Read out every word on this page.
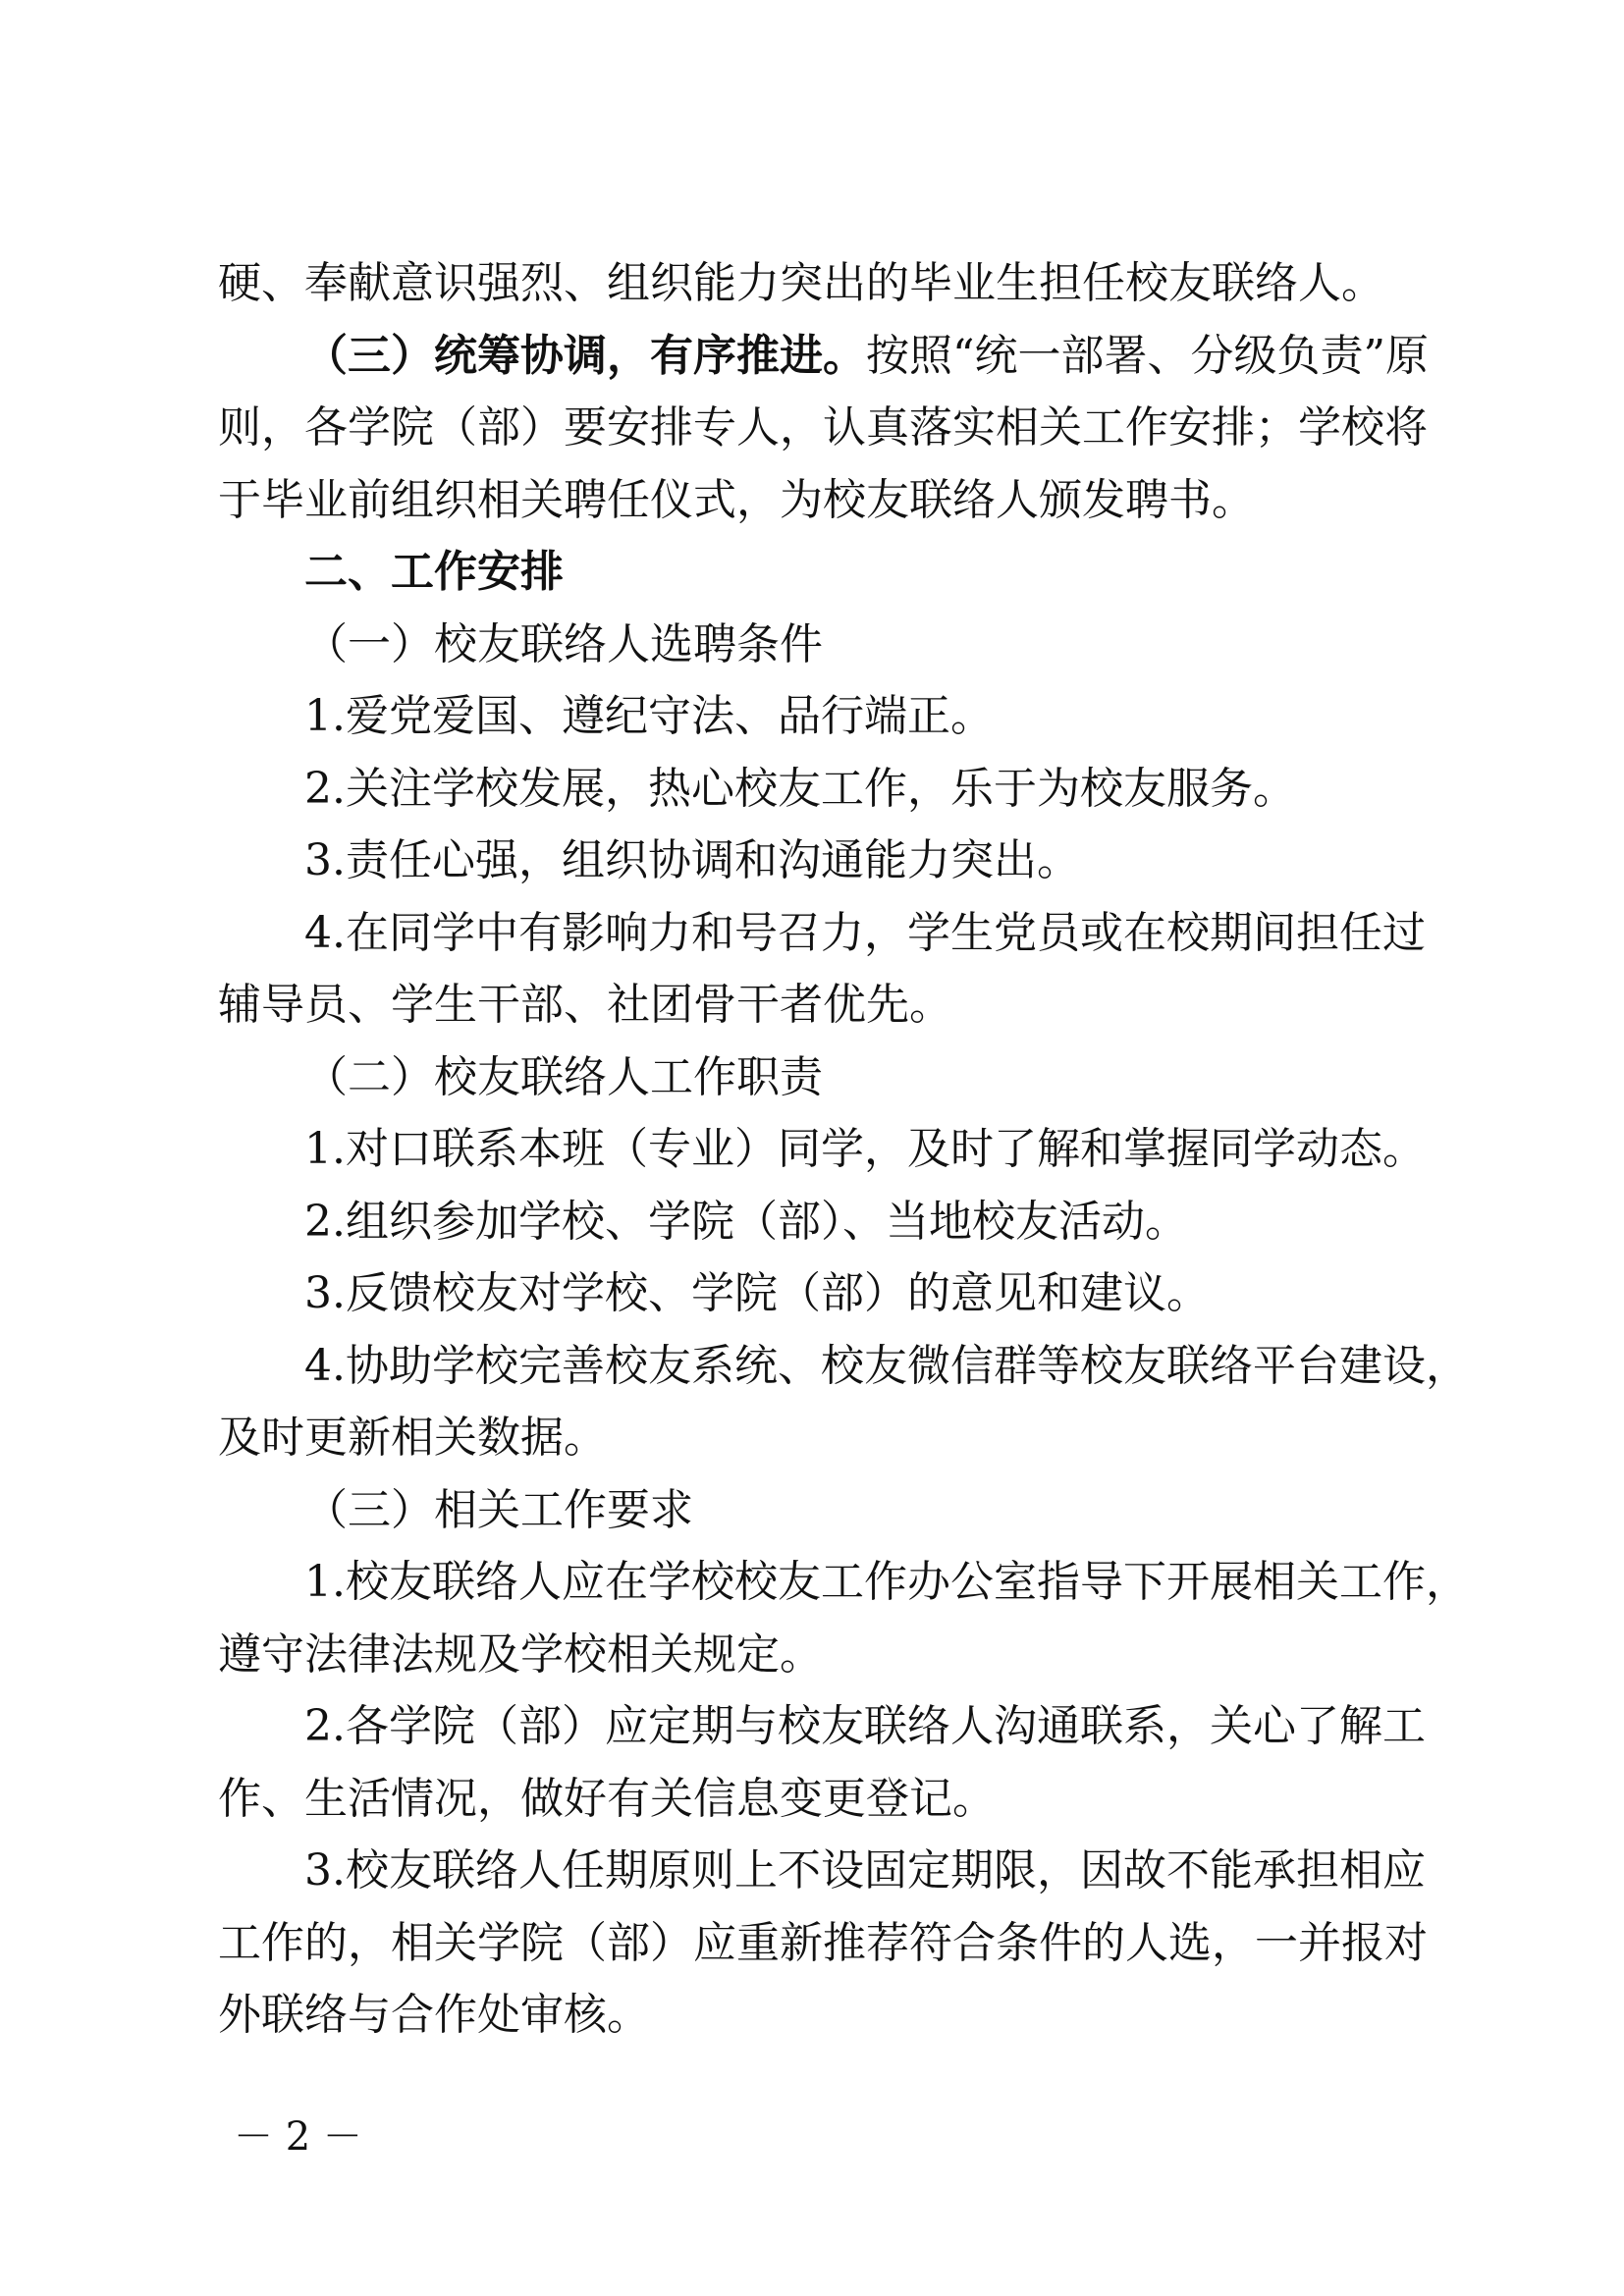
硬、奉献意识强烈、组织能力突出的毕业生担任校友联络人。
（三）统筹协调，有序推进。按照“统一部署、分级负责”原
则，各学院（部）要安排专人，认真落实相关工作安排；学校将
于毕业前组织相关聘任仪式，为校友联络人颁发聘书。
二、工作安排
（一）校友联络人选聘条件
1.爱党爱国、遵纪守法、品行端正。
2.关注学校发展，热心校友工作，乐于为校友服务。
3.责任心强，组织协调和沟通能力突出。
4.在同学中有影响力和号召力，学生党员或在校期间担任过
辅导员、学生干部、社团骨干者优先。
（二）校友联络人工作职责
1.对口联系本班（专业）同学，及时了解和掌握同学动态。
2.组织参加学校、学院（部）、当地校友活动。
3.反馈校友对学校、学院（部）的意见和建议。
4.协助学校完善校友系统、校友微信群等校友联络平台建设，
及时更新相关数据。
（三）相关工作要求
1.校友联络人应在学校校友工作办公室指导下开展相关工作，
遵守法律法规及学校相关规定。
2.各学院（部）应定期与校友联络人沟通联系，关心了解工
作、生活情况，做好有关信息变更登记。
3.校友联络人任期原则上不设固定期限，因故不能承担相应
工作的，相关学院（部）应重新推荐符合条件的人选，一并报对
外联络与合作处审核。
－ 2 －
